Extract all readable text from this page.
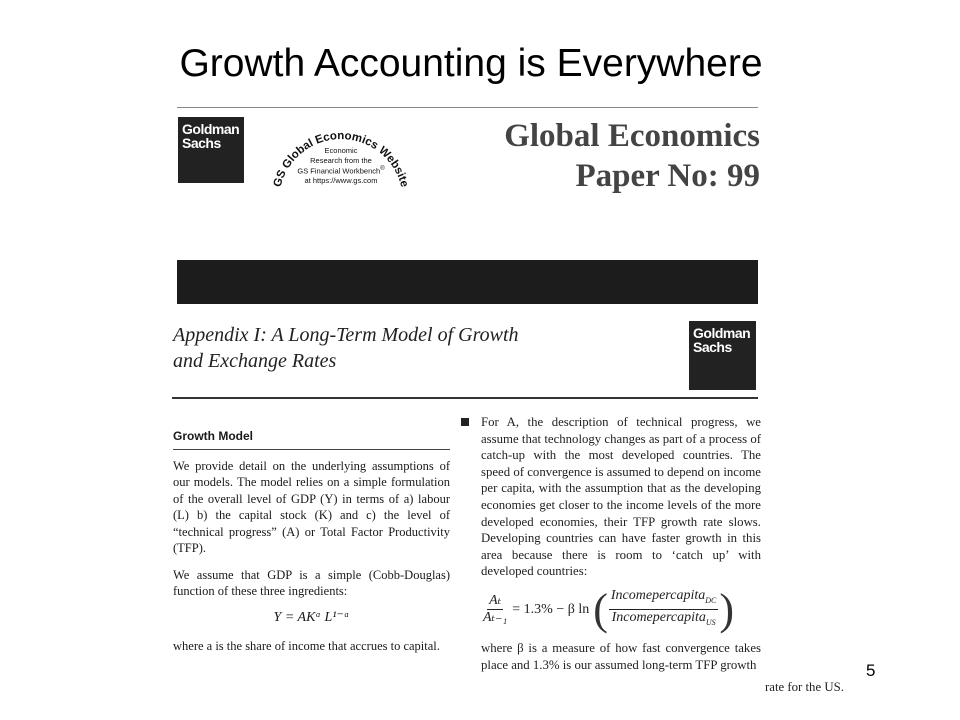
Growth Accounting is Everywhere
Goldman
Sachs
GS Global Economics Website
Economic
Research from the
GS Financial Workbench®
at https://www.gs.com
Global Economics
Paper No: 99
Appendix I: A Long-Term Model of Growth
and Exchange Rates
Goldman
Sachs
Growth Model

We provide detail on the underlying assumptions of our models. The model relies on a simple formulation of the overall level of GDP (Y) in terms of a) labour (L) b) the capital stock (K) and c) the level of “technical progress” (A) or Total Factor Productivity (TFP).

We assume that GDP is a simple (Cobb-Douglas) function of these three ingredients:

Y = AKᵅ L¹⁻ᵅ

where a is the share of income that accrues to capital.

For A, the description of technical progress, we assume that technology changes as part of a process of catch-up with the most developed countries. The speed of convergence is assumed to depend on income per capita, with the assumption that as the developing economies get closer to the income levels of the more developed economies, their TFP growth rate slows. Developing countries can have faster growth in this area because there is room to ‘catch up’ with developed countries:

$\frac{\text{Aₜ}}{\text{Aₜ₋₁}} = 1.3\% - \beta$ ln ( $\frac{Incomepercapita_{DC}}{Incomepercapita_{US}}$ )

where β is a measure of how fast convergence takes place and 1.3% is our assumed long-term TFP growth

rate for the US.
5
